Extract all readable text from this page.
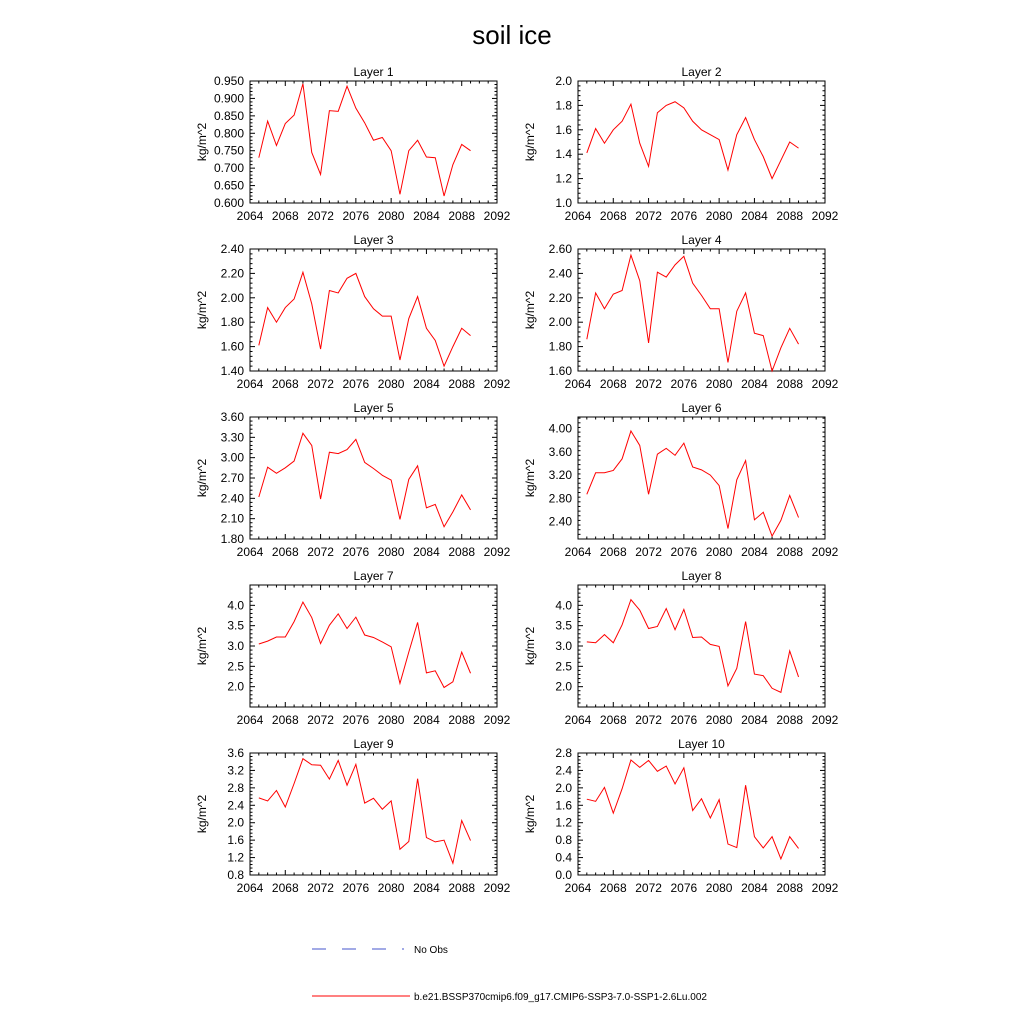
soil ice
Layer 1
2064 2068 2072 2076 2080 2084 2088 2092
0.600
0.650
0.700
0.750
0.800
0.850
0.900
0.950
kg/m^2
Layer 2
2064 2068 2072 2076 2080 2084 2088 2092
1.0
1.2
1.4
1.6
1.8
2.0
kg/m^2
Layer 3
2064 2068 2072 2076 2080 2084 2088 2092
1.40
1.60
1.80
2.00
2.20
2.40
kg/m^2
Layer 4
2064 2068 2072 2076 2080 2084 2088 2092
1.60
1.80
2.00
2.20
2.40
2.60
kg/m^2
Layer 5
2064 2068 2072 2076 2080 2084 2088 2092
1.80
2.10
2.40
2.70
3.00
3.30
3.60
kg/m^2
Layer 6
2064 2068 2072 2076 2080 2084 2088 2092
2.40
2.80
3.20
3.60
4.00
kg/m^2
Layer 7
2064 2068 2072 2076 2080 2084 2088 2092
2.0
2.5
3.0
3.5
4.0
kg/m^2
Layer 8
2064 2068 2072 2076 2080 2084 2088 2092
2.0
2.5
3.0
3.5
4.0
kg/m^2
Layer 9
2064 2068 2072 2076 2080 2084 2088 2092
0.8
1.2
1.6
2.0
2.4
2.8
3.2
3.6
kg/m^2
Layer 10
2064 2068 2072 2076 2080 2084 2088 2092
0.0
0.4
0.8
1.2
1.6
2.0
2.4
2.8
kg/m^2
No Obs
b.e21.BSSP370cmip6.f09_g17.CMIP6-SSP3-7.0-SSP1-2.6Lu.002
